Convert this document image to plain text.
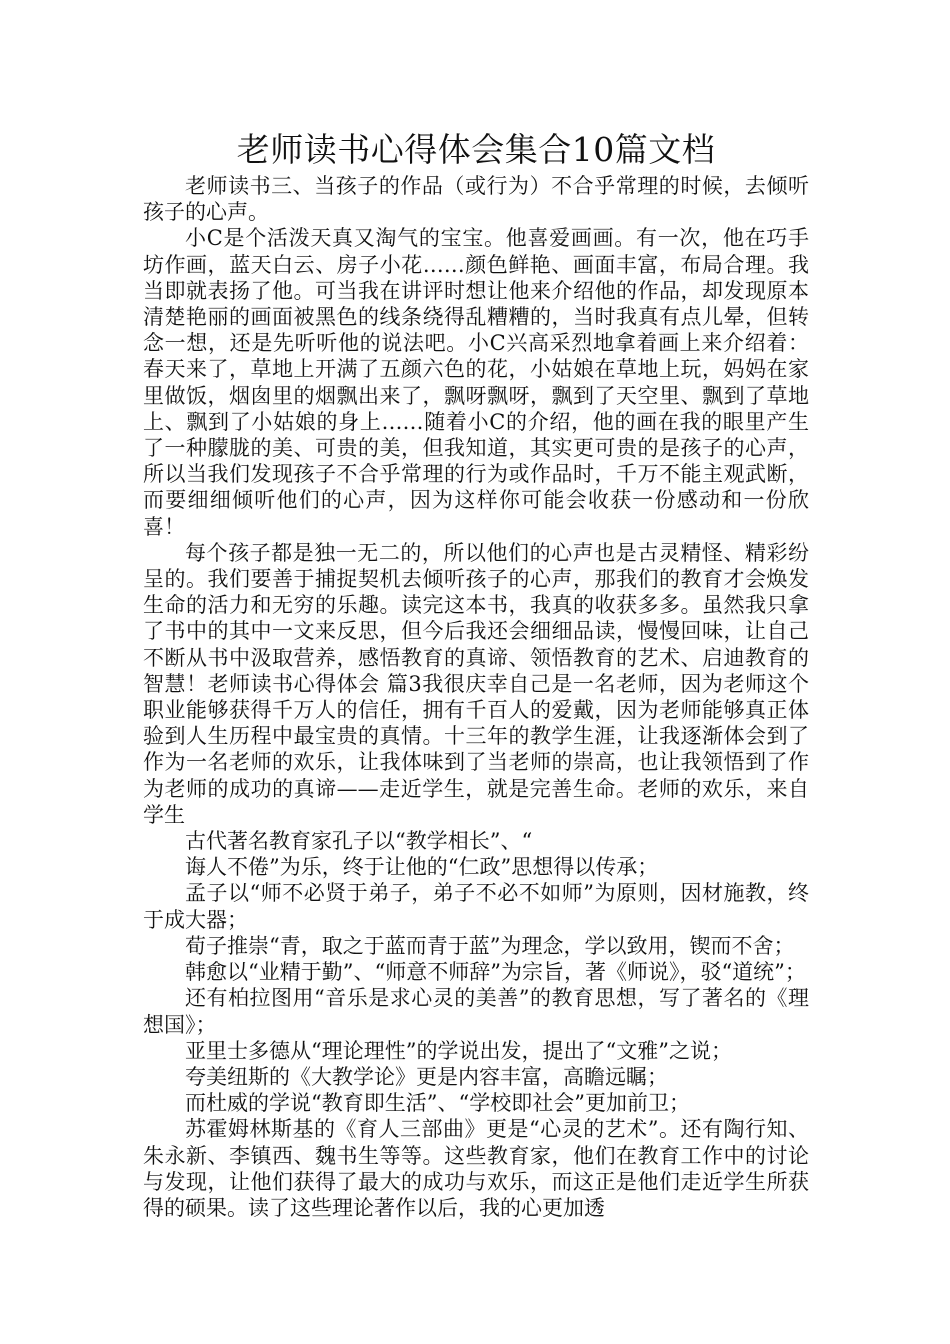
老师读书心得体会集合10篇文档

老师读书三、当孩子的作品（或行为）不合乎常理的时候，去倾听孩子的心声。

小C是个活泼天真又淘气的宝宝。他喜爱画画。有一次，他在巧手坊作画，蓝天白云、房子小花……颜色鲜艳、画面丰富，布局合理。我当即就表扬了他。可当我在讲评时想让他来介绍他的作品，却发现原本清楚艳丽的画面被黑色的线条绕得乱糟糟的，当时我真有点儿晕，但转念一想，还是先听听他的说法吧。小C兴高采烈地拿着画上来介绍着：春天来了，草地上开满了五颜六色的花，小姑娘在草地上玩，妈妈在家里做饭，烟囱里的烟飘出来了，飘呀飘呀，飘到了天空里、飘到了草地上、飘到了小姑娘的身上……随着小C的介绍，他的画在我的眼里产生了一种朦胧的美、可贵的美，但我知道，其实更可贵的是孩子的心声，所以当我们发现孩子不合乎常理的行为或作品时，千万不能主观武断，而要细细倾听他们的心声，因为这样你可能会收获一份感动和一份欣喜！

每个孩子都是独一无二的，所以他们的心声也是古灵精怪、精彩纷呈的。我们要善于捕捉契机去倾听孩子的心声，那我们的教育才会焕发生命的活力和无穷的乐趣。读完这本书，我真的收获多多。虽然我只拿了书中的其中一文来反思，但今后我还会细细品读，慢慢回味，让自己不断从书中汲取营养，感悟教育的真谛、领悟教育的艺术、启迪教育的智慧！老师读书心得体会 篇3我很庆幸自己是一名老师，因为老师这个职业能够获得千万人的信任，拥有千百人的爱戴，因为老师能够真正体验到人生历程中最宝贵的真情。十三年的教学生涯，让我逐渐体会到了作为一名老师的欢乐，让我体味到了当老师的崇高，也让我领悟到了作为老师的成功的真谛——走近学生，就是完善生命。老师的欢乐，来自学生

古代著名教育家孔子以“教学相长”、“

诲人不倦”为乐，终于让他的“仁政”思想得以传承；

孟子以“师不必贤于弟子，弟子不必不如师”为原则，因材施教，终于成大器；

荀子推崇“青，取之于蓝而青于蓝”为理念，学以致用，锲而不舍；

韩愈以“业精于勤”、“师意不师辞”为宗旨，著《师说》，驳“道统”；

还有柏拉图用“音乐是求心灵的美善”的教育思想，写了著名的《理想国》；

亚里士多德从“理论理性”的学说出发，提出了“文雅”之说；

夸美纽斯的《大教学论》更是内容丰富，高瞻远瞩；

而杜威的学说“教育即生活”、“学校即社会”更加前卫；

苏霍姆林斯基的《育人三部曲》更是“心灵的艺术”。还有陶行知、朱永新、李镇西、魏书生等等。这些教育家，他们在教育工作中的讨论与发现，让他们获得了最大的成功与欢乐，而这正是他们走近学生所获得的硕果。读了这些理论著作以后，我的心更加透
